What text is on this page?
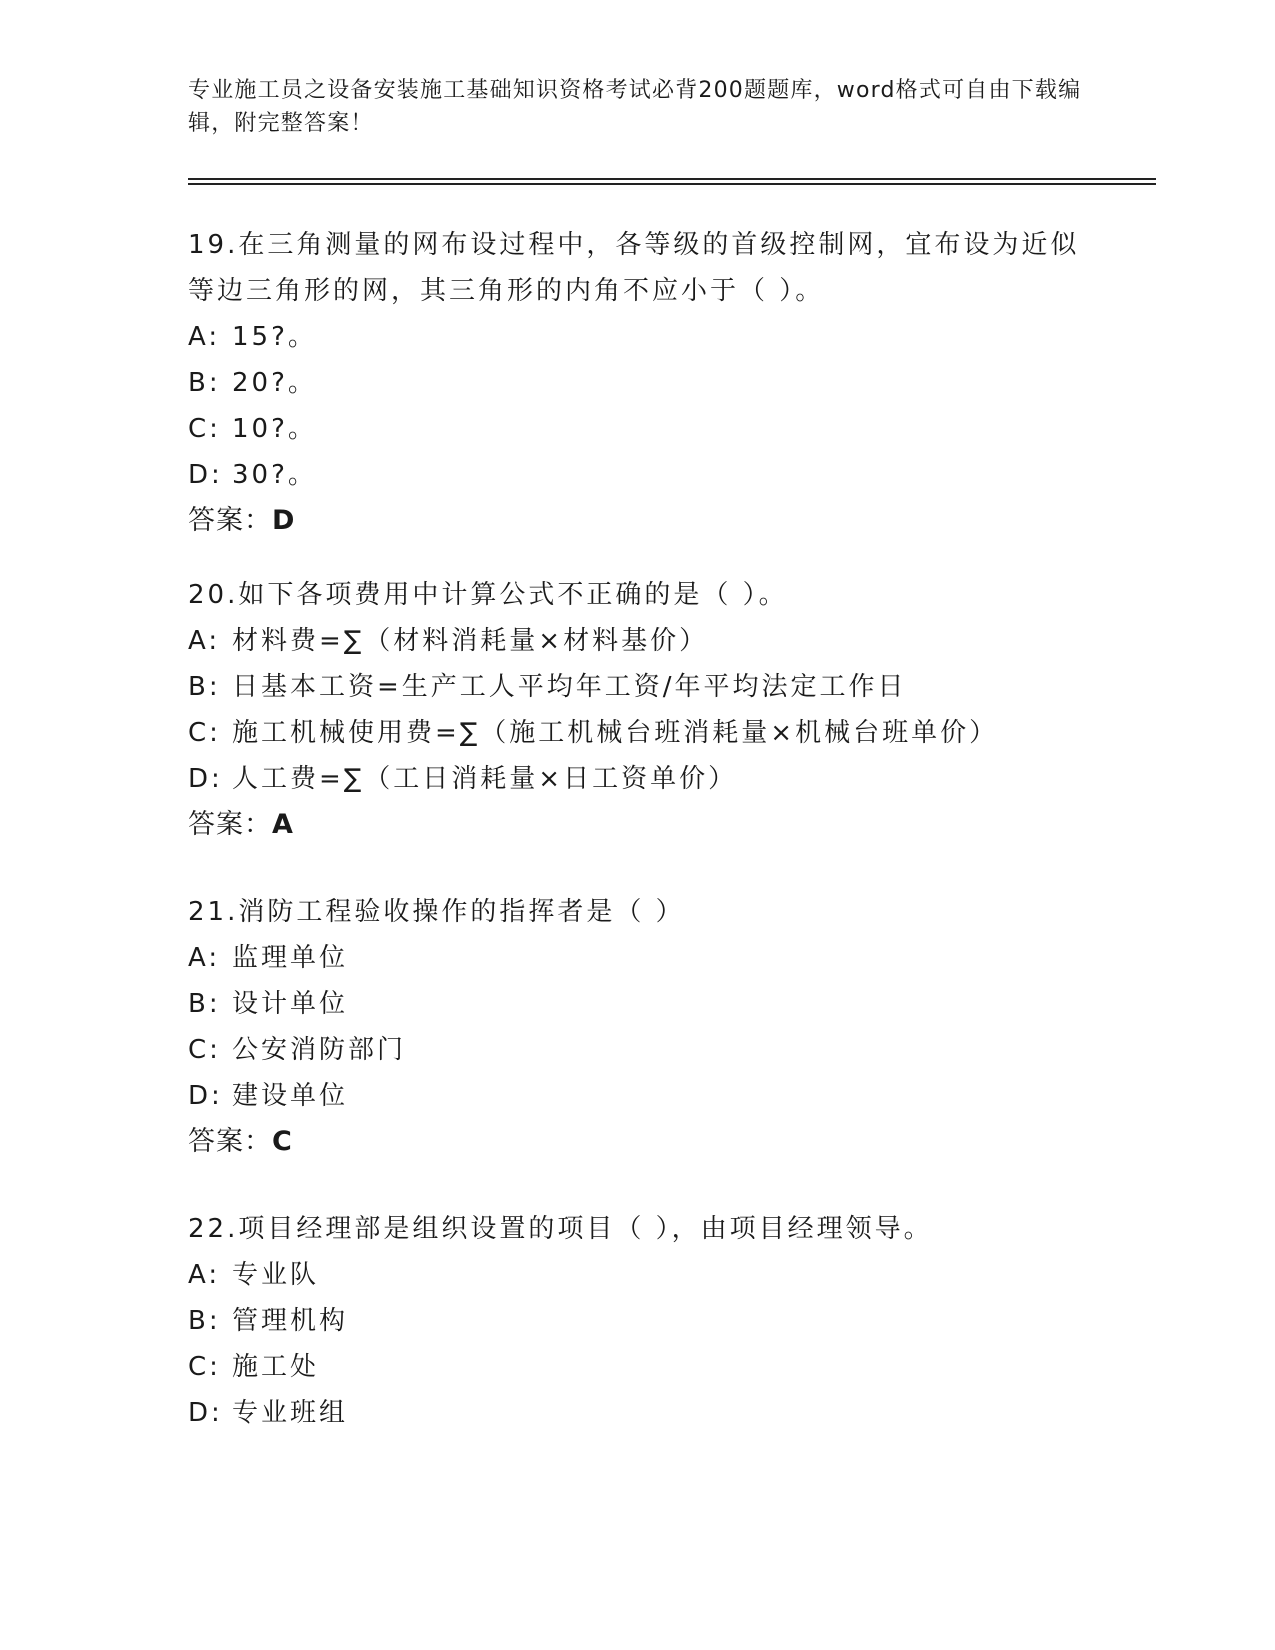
专业施工员之设备安装施工基础知识资格考试必背200题题库，word格式可自由下载编辑，附完整答案！

19.在三角测量的网布设过程中，各等级的首级控制网，宜布设为近似等边三角形的网，其三角形的内角不应小于（ ）。

A: 15?。

B: 20?。

C: 10?。

D: 30?。

答案：D

20.如下各项费用中计算公式不正确的是（ ）。

A: 材料费=∑（材料消耗量×材料基价）

B: 日基本工资=生产工人平均年工资/年平均法定工作日

C: 施工机械使用费=∑（施工机械台班消耗量×机械台班单价）

D: 人工费=∑（工日消耗量×日工资单价）

答案：A

21.消防工程验收操作的指挥者是（ ）

A: 监理单位

B: 设计单位

C: 公安消防部门

D: 建设单位

答案：C

22.项目经理部是组织设置的项目（ ），由项目经理领导。

A: 专业队

B: 管理机构

C: 施工处

D: 专业班组
